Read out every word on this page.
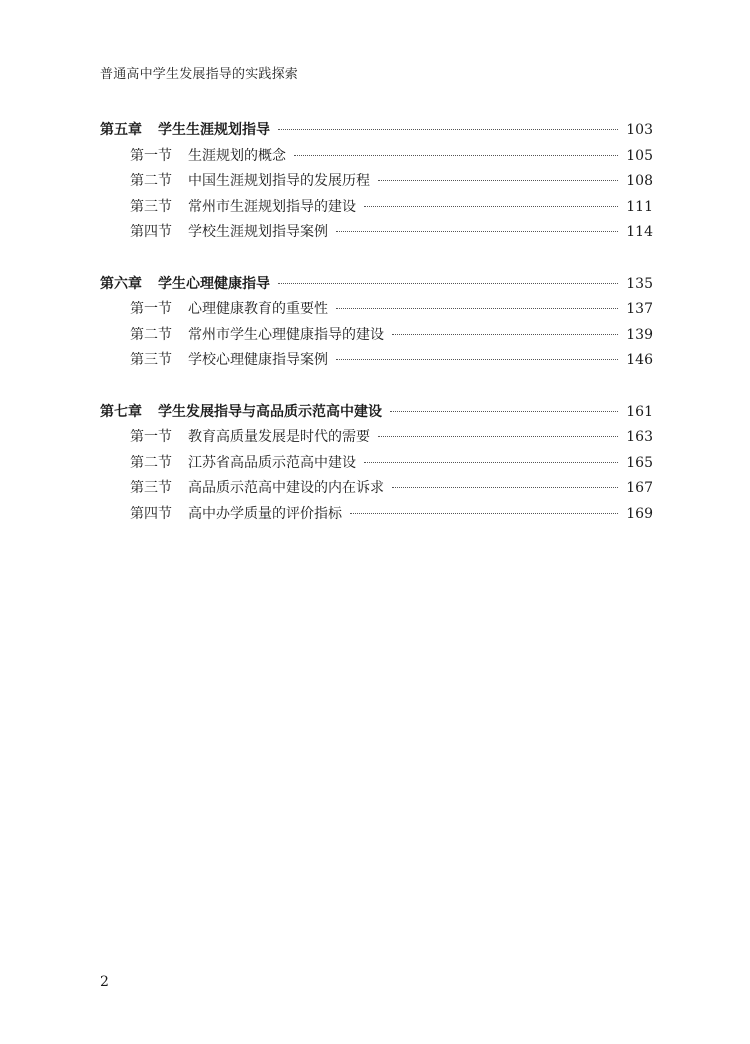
普通高中学生发展指导的实践探索
第五章	学生生涯规划指导	103
第一节	生涯规划的概念	105
第二节	中国生涯规划指导的发展历程	108
第三节	常州市生涯规划指导的建设	111
第四节	学校生涯规划指导案例	114
第六章	学生心理健康指导	135
第一节	心理健康教育的重要性	137
第二节	常州市学生心理健康指导的建设	139
第三节	学校心理健康指导案例	146
第七章	学生发展指导与高品质示范高中建设	161
第一节	教育高质量发展是时代的需要	163
第二节	江苏省高品质示范高中建设	165
第三节	高品质示范高中建设的内在诉求	167
第四节	高中办学质量的评价指标	169
2
